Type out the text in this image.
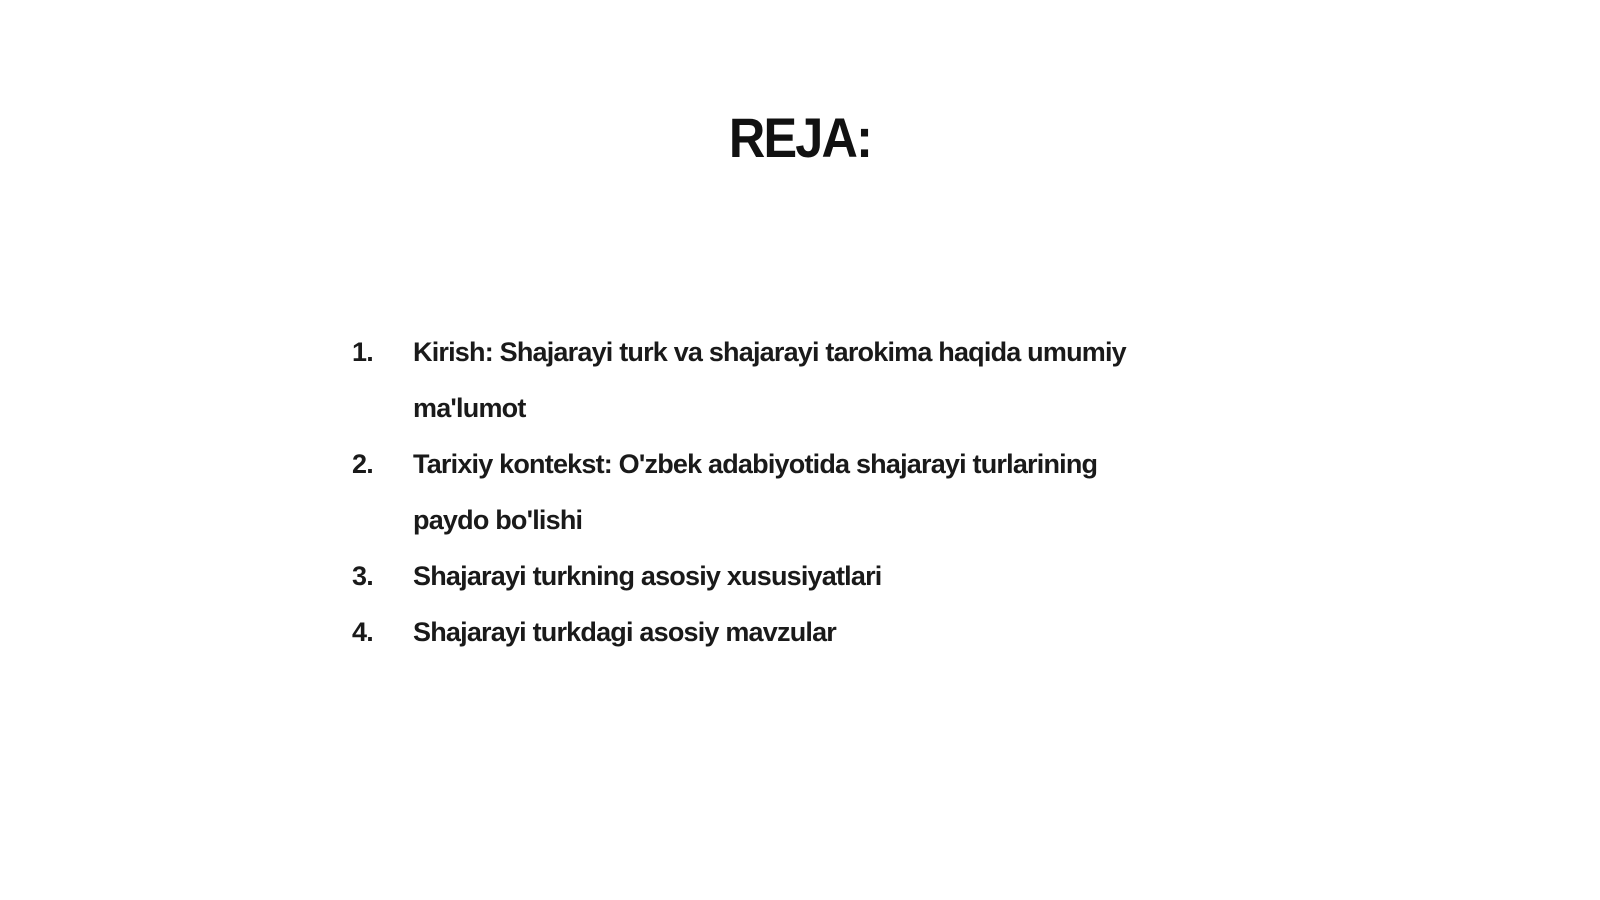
REJA:
1.	Kirish: Shajarayi turk va shajarayi tarokima haqida umumiy ma'lumot
2.	Tarixiy kontekst: O'zbek adabiyotida shajarayi turlarining paydo bo'lishi
3.	Shajarayi turkning asosiy xususiyatlari
4.	Shajarayi turkdagi asosiy mavzular
